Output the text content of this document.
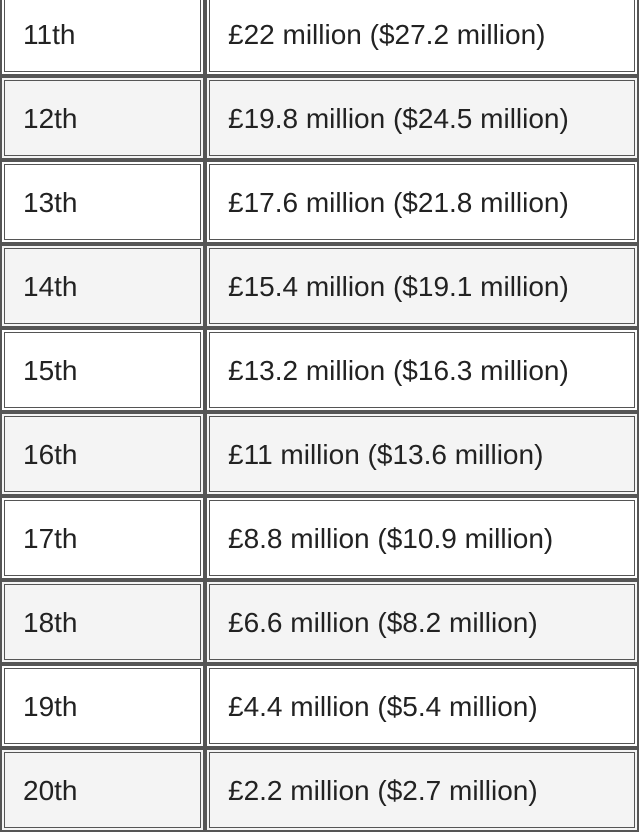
11th	£22 million ($27.2 million)
12th	£19.8 million ($24.5 million)
13th	£17.6 million ($21.8 million)
14th	£15.4 million ($19.1 million)
15th	£13.2 million ($16.3 million)
16th	£11 million ($13.6 million)
17th	£8.8 million ($10.9 million)
18th	£6.6 million ($8.2 million)
19th	£4.4 million ($5.4 million)
20th	£2.2 million ($2.7 million)
